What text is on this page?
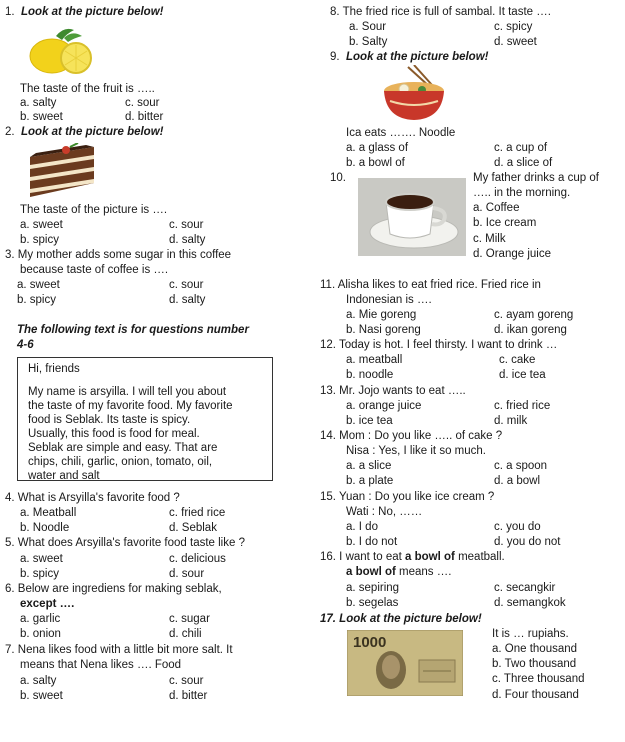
1. Look at the picture below!
The taste of the fruit is …..
a. salty	c. sour
b. sweet	d. bitter
2. Look at the picture below!
The taste of the picture is ….
a. sweet	c. sour
b. spicy	d. salty
3. My mother adds some sugar in this coffee
because taste of coffee is ….
a. sweet	c. sour
b. spicy	d. salty
The following text is for questions number
4-6
Hi, friends
My name is arsyilla. I will tell you about
the taste of my favorite food. My favorite
food is Seblak. Its taste is spicy.
Usually, this food is food for meal.
Seblak are simple and easy. That are
chips, chili, garlic, onion, tomato, oil,
water and salt
4. What is Arsyilla's favorite food ?
a. Meatball	c. fried rice
b. Noodle	d. Seblak
5. What does Arsyilla's favorite food taste like ?
a. sweet	c. delicious
b. spicy	d. sour
6. Below are ingrediens for making seblak,
except ….
a. garlic	c. sugar
b. onion	d. chili
7. Nena likes food with a little bit more salt. It
means that Nena likes …. Food
a. salty	c. sour
b. sweet	d. bitter
8. The fried rice is full of sambal. It taste ….
a. Sour	c. spicy
b. Salty	d. sweet
9. Look at the picture below!
Ica eats ……. Noodle
a. a glass of	c. a cup of
b. a bowl of	d. a slice of
10.	My father drinks a cup of
….. in the morning.
a. Coffee
b. Ice cream
c. Milk
d. Orange juice
11. Alisha likes to eat fried rice. Fried rice in
Indonesian is ….
a. Mie goreng	c. ayam goreng
b. Nasi goreng	d. ikan goreng
12. Today is hot. I feel thirsty. I want to drink …
a. meatball	c. cake
b. noodle	d. ice tea
13. Mr. Jojo wants to eat …..
a. orange juice	c. fried rice
b. ice tea	d. milk
14. Mom : Do you like ….. of cake ?
Nisa : Yes, I like it so much.
a. a slice	c. a spoon
b. a plate	d. a bowl
15. Yuan : Do you like ice cream ?
Wati : No, ……
a. I do	c. you do
b. I do not	d. you do not
16. I want to eat a bowl of meatball.
a bowl of means ….
a. sepiring	c. secangkir
b. segelas	d. semangkok
17. Look at the picture below!
1000	It is … rupiahs.
a. One thousand
b. Two thousand
c. Three thousand
d. Four thousand
